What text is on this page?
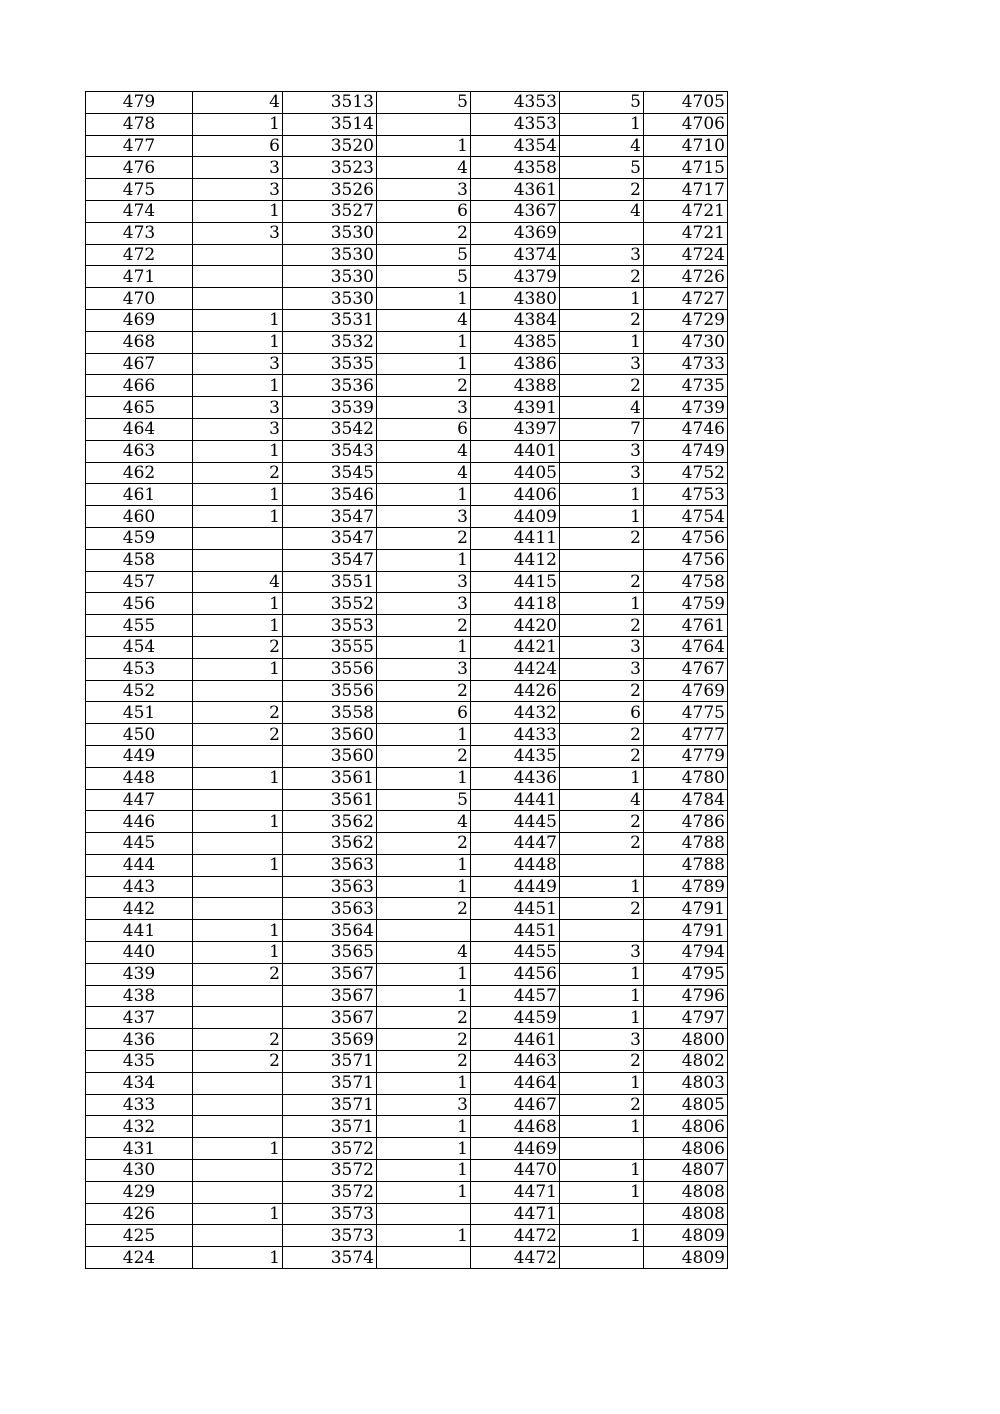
479	4	3513	5	4353	5	4705
478	1	3514		4353	1	4706
477	6	3520	1	4354	4	4710
476	3	3523	4	4358	5	4715
475	3	3526	3	4361	2	4717
474	1	3527	6	4367	4	4721
473	3	3530	2	4369		4721
472		3530	5	4374	3	4724
471		3530	5	4379	2	4726
470		3530	1	4380	1	4727
469	1	3531	4	4384	2	4729
468	1	3532	1	4385	1	4730
467	3	3535	1	4386	3	4733
466	1	3536	2	4388	2	4735
465	3	3539	3	4391	4	4739
464	3	3542	6	4397	7	4746
463	1	3543	4	4401	3	4749
462	2	3545	4	4405	3	4752
461	1	3546	1	4406	1	4753
460	1	3547	3	4409	1	4754
459		3547	2	4411	2	4756
458		3547	1	4412		4756
457	4	3551	3	4415	2	4758
456	1	3552	3	4418	1	4759
455	1	3553	2	4420	2	4761
454	2	3555	1	4421	3	4764
453	1	3556	3	4424	3	4767
452		3556	2	4426	2	4769
451	2	3558	6	4432	6	4775
450	2	3560	1	4433	2	4777
449		3560	2	4435	2	4779
448	1	3561	1	4436	1	4780
447		3561	5	4441	4	4784
446	1	3562	4	4445	2	4786
445		3562	2	4447	2	4788
444	1	3563	1	4448		4788
443		3563	1	4449	1	4789
442		3563	2	4451	2	4791
441	1	3564		4451		4791
440	1	3565	4	4455	3	4794
439	2	3567	1	4456	1	4795
438		3567	1	4457	1	4796
437		3567	2	4459	1	4797
436	2	3569	2	4461	3	4800
435	2	3571	2	4463	2	4802
434		3571	1	4464	1	4803
433		3571	3	4467	2	4805
432		3571	1	4468	1	4806
431	1	3572	1	4469		4806
430		3572	1	4470	1	4807
429		3572	1	4471	1	4808
426	1	3573		4471		4808
425		3573	1	4472	1	4809
424	1	3574		4472		4809
